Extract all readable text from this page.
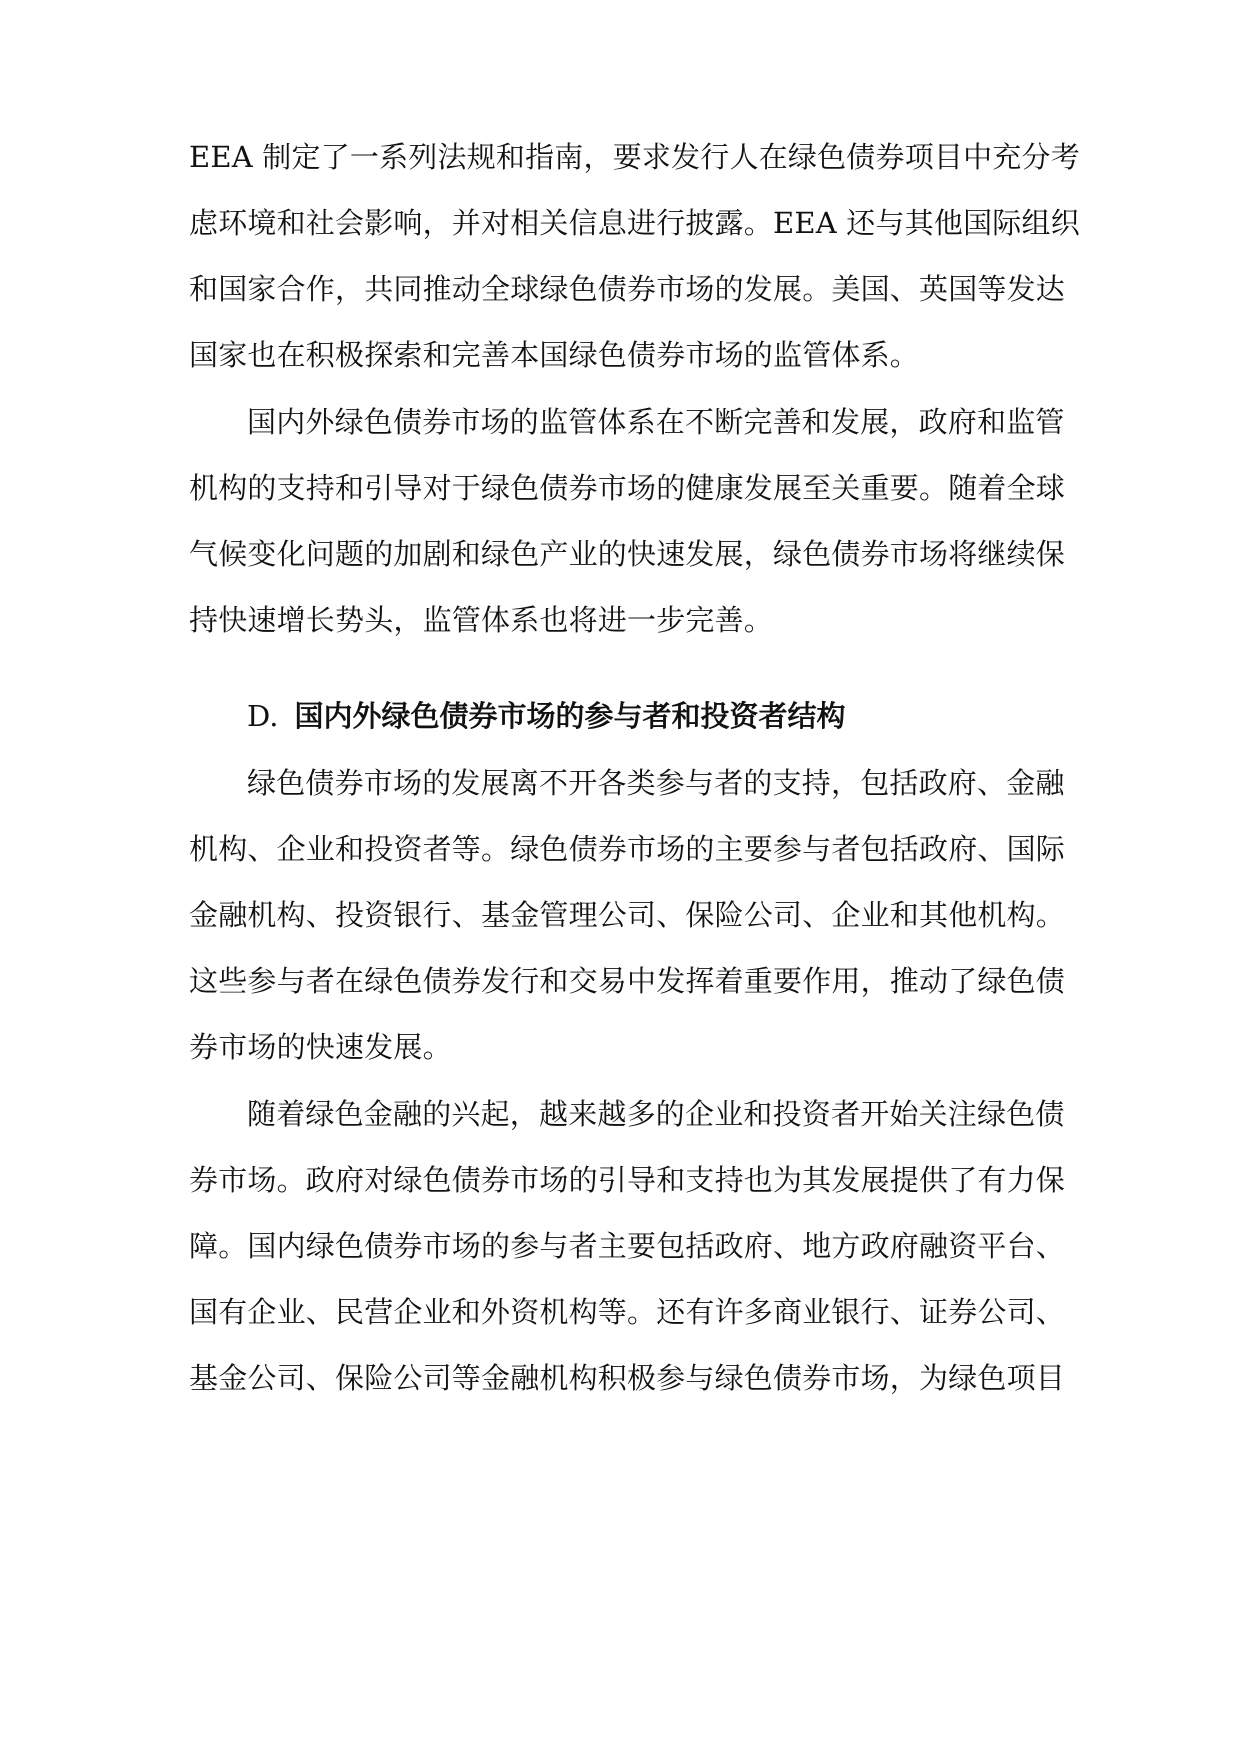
EEA 制定了一系列法规和指南，要求发行人在绿色债券项目中充分考
虑环境和社会影响，并对相关信息进行披露。EEA 还与其他国际组织
和国家合作，共同推动全球绿色债券市场的发展。美国、英国等发达
国家也在积极探索和完善本国绿色债券市场的监管体系。
国内外绿色债券市场的监管体系在不断完善和发展，政府和监管
机构的支持和引导对于绿色债券市场的健康发展至关重要。随着全球
气候变化问题的加剧和绿色产业的快速发展，绿色债券市场将继续保
持快速增长势头，监管体系也将进一步完善。
D. 国内外绿色债券市场的参与者和投资者结构
绿色债券市场的发展离不开各类参与者的支持，包括政府、金融
机构、企业和投资者等。绿色债券市场的主要参与者包括政府、国际
金融机构、投资银行、基金管理公司、保险公司、企业和其他机构。
这些参与者在绿色债券发行和交易中发挥着重要作用，推动了绿色债
券市场的快速发展。
随着绿色金融的兴起，越来越多的企业和投资者开始关注绿色债
券市场。政府对绿色债券市场的引导和支持也为其发展提供了有力保
障。国内绿色债券市场的参与者主要包括政府、地方政府融资平台、
国有企业、民营企业和外资机构等。还有许多商业银行、证券公司、
基金公司、保险公司等金融机构积极参与绿色债券市场，为绿色项目
